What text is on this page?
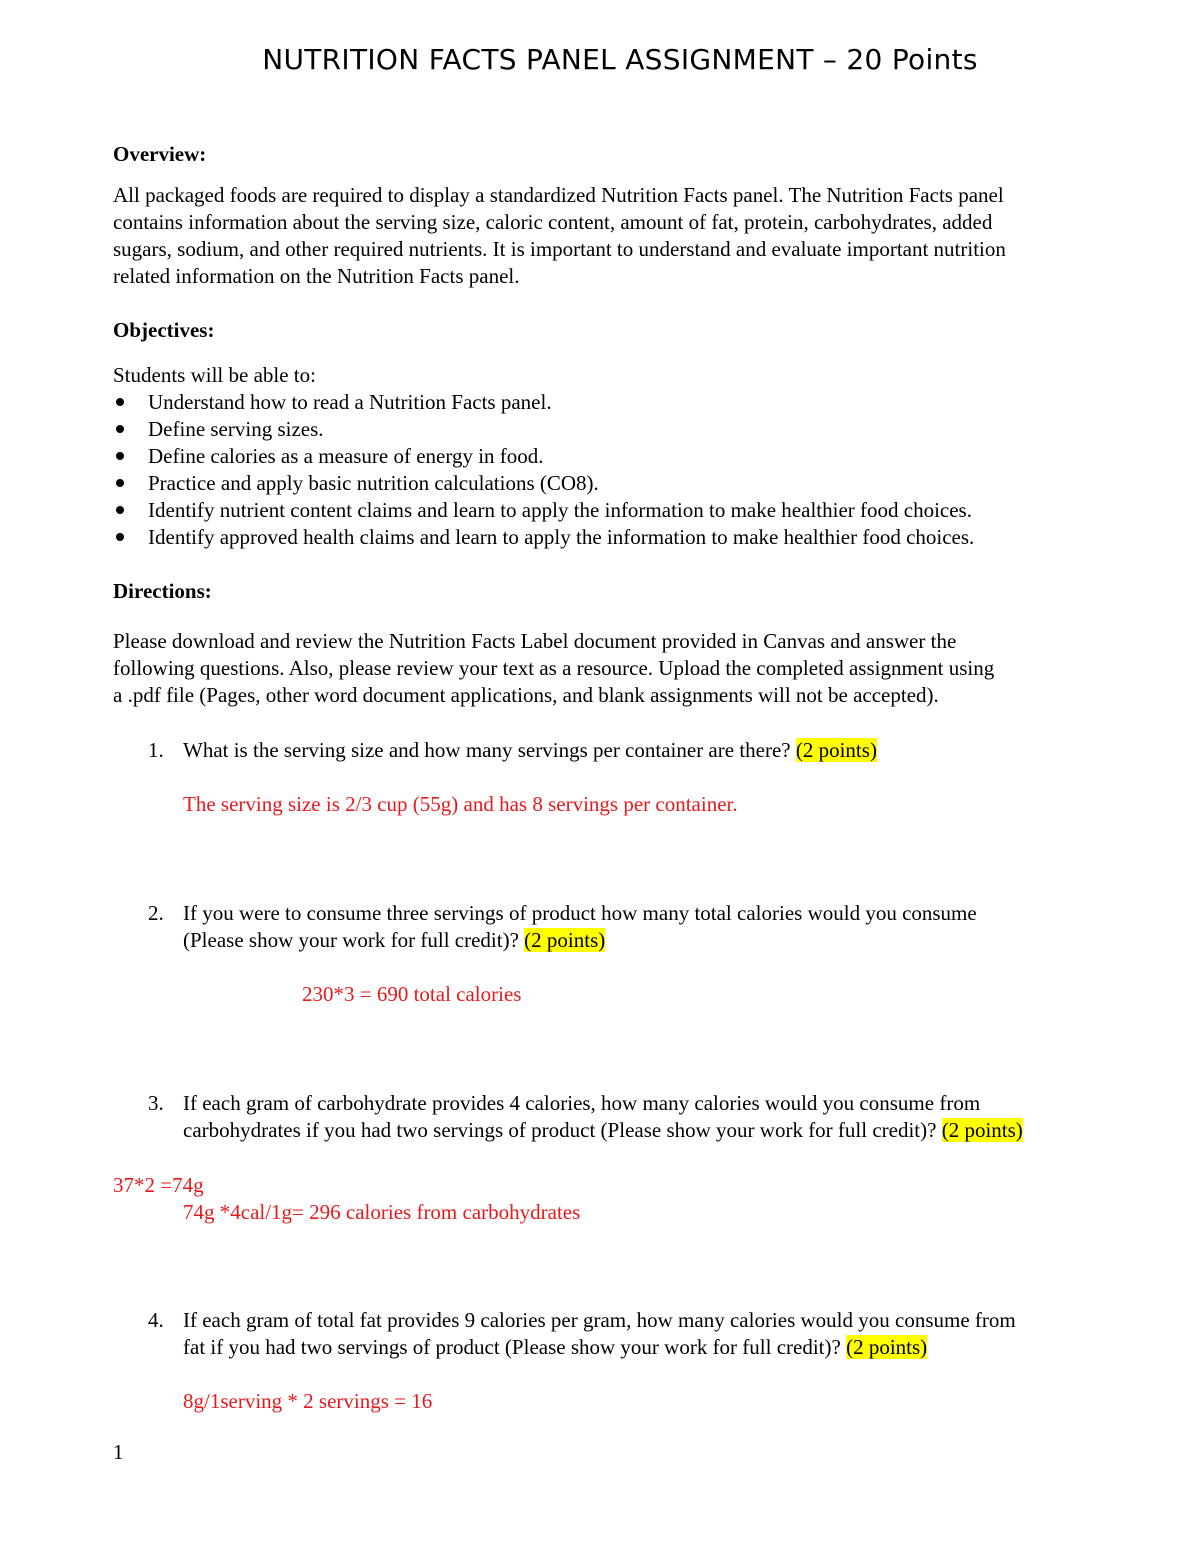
NUTRITION FACTS PANEL ASSIGNMENT – 20 Points
Overview:
All packaged foods are required to display a standardized Nutrition Facts panel. The Nutrition Facts panel
contains information about the serving size, caloric content, amount of fat, protein, carbohydrates, added
sugars, sodium, and other required nutrients. It is important to understand and evaluate important nutrition
related information on the Nutrition Facts panel.
Objectives:
Students will be able to:
Understand how to read a Nutrition Facts panel.
Define serving sizes.
Define calories as a measure of energy in food.
Practice and apply basic nutrition calculations (CO8).
Identify nutrient content claims and learn to apply the information to make healthier food choices.
Identify approved health claims and learn to apply the information to make healthier food choices.
Directions:
Please download and review the Nutrition Facts Label document provided in Canvas and answer the
following questions. Also, please review your text as a resource. Upload the completed assignment using
a .pdf file (Pages, other word document applications, and blank assignments will not be accepted).
1. What is the serving size and how many servings per container are there? (2 points)
The serving size is 2/3 cup (55g) and has 8 servings per container.
2. If you were to consume three servings of product how many total calories would you consume
(Please show your work for full credit)? (2 points)
230*3 = 690 total calories
3. If each gram of carbohydrate provides 4 calories, how many calories would you consume from
carbohydrates if you had two servings of product (Please show your work for full credit)? (2 points)
37*2 =74g
74g *4cal/1g= 296 calories from carbohydrates
4. If each gram of total fat provides 9 calories per gram, how many calories would you consume from
fat if you had two servings of product (Please show your work for full credit)? (2 points)
8g/1serving * 2 servings = 16
1
